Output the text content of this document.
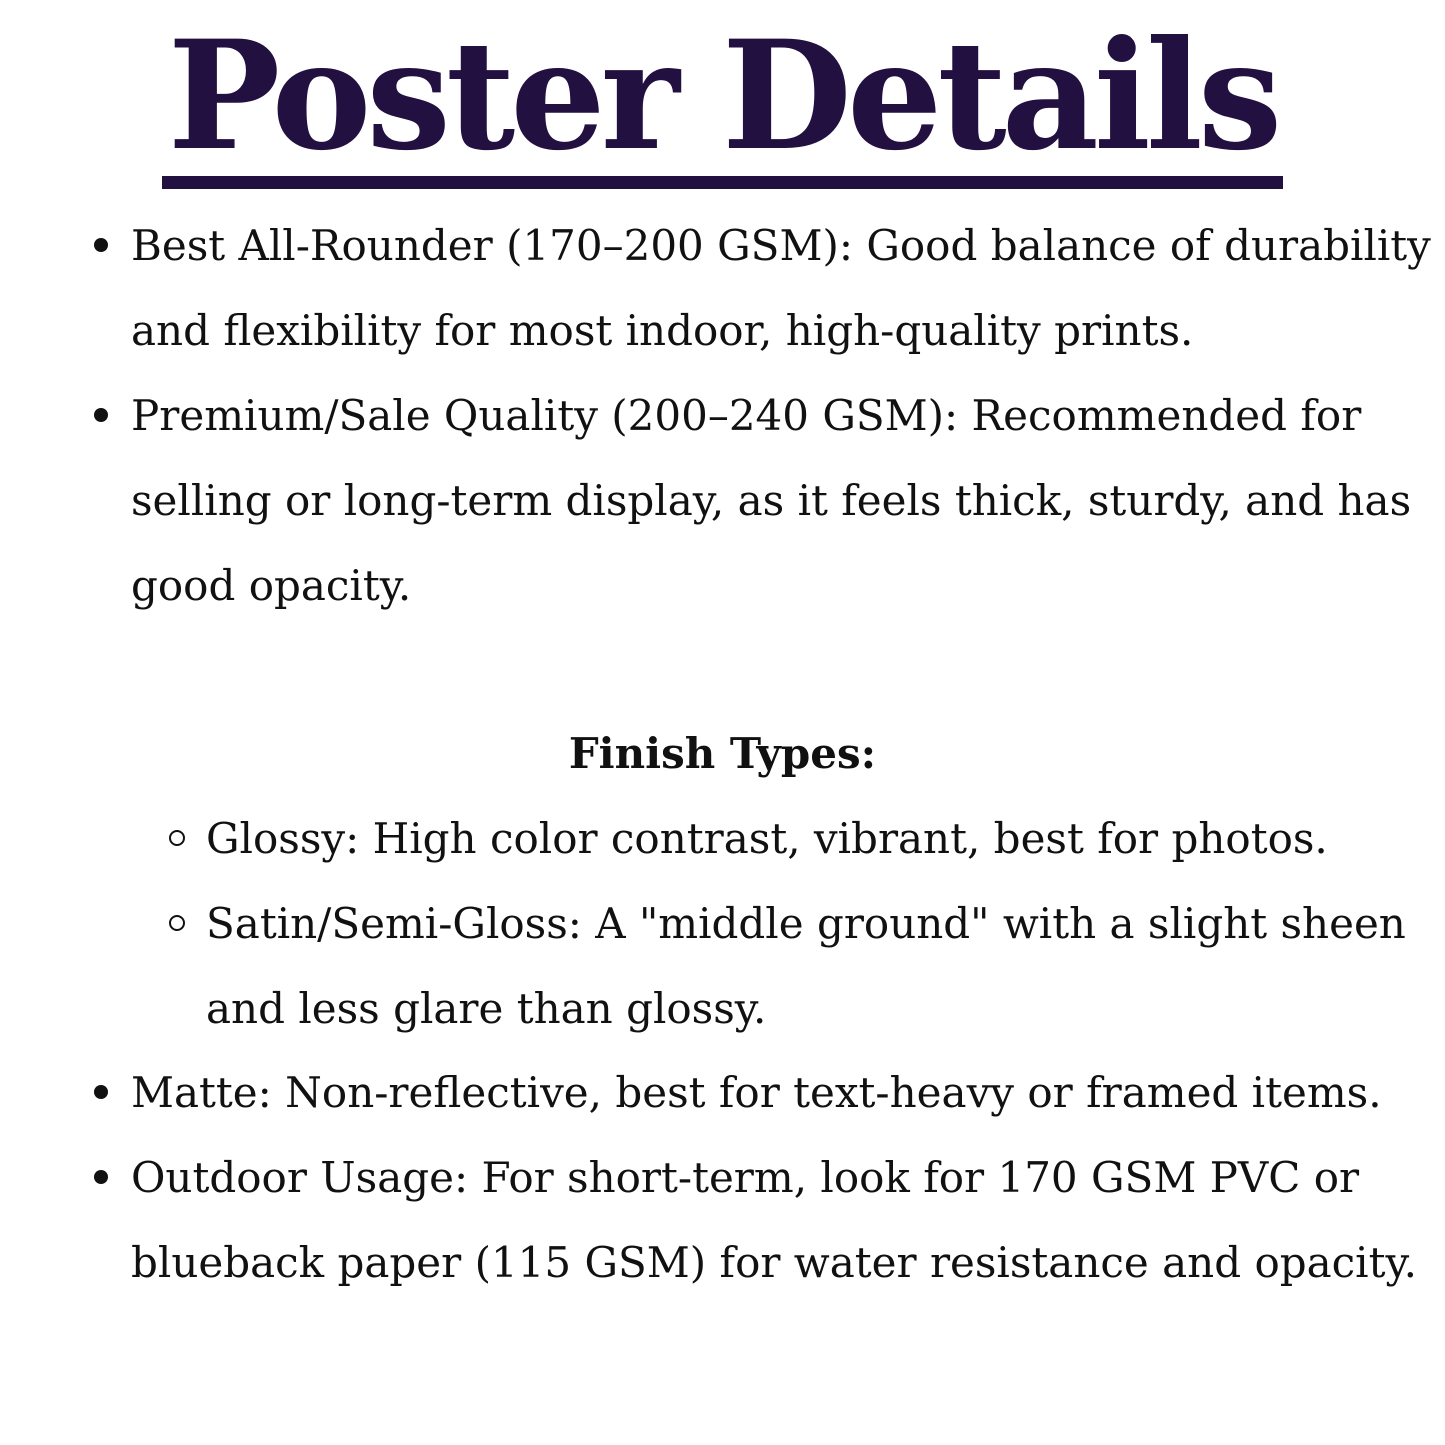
Poster Details
Best All-Rounder (170–200 GSM): Good balance of durability
and flexibility for most indoor, high-quality prints.
Premium/Sale Quality (200–240 GSM): Recommended for
selling or long-term display, as it feels thick, sturdy, and has
good opacity.
Finish Types:
Glossy: High color contrast, vibrant, best for photos.
Satin/Semi-Gloss: A "middle ground" with a slight sheen
and less glare than glossy.
Matte: Non-reflective, best for text-heavy or framed items.
Outdoor Usage: For short-term, look for 170 GSM PVC or
blueback paper (115 GSM) for water resistance and opacity.
